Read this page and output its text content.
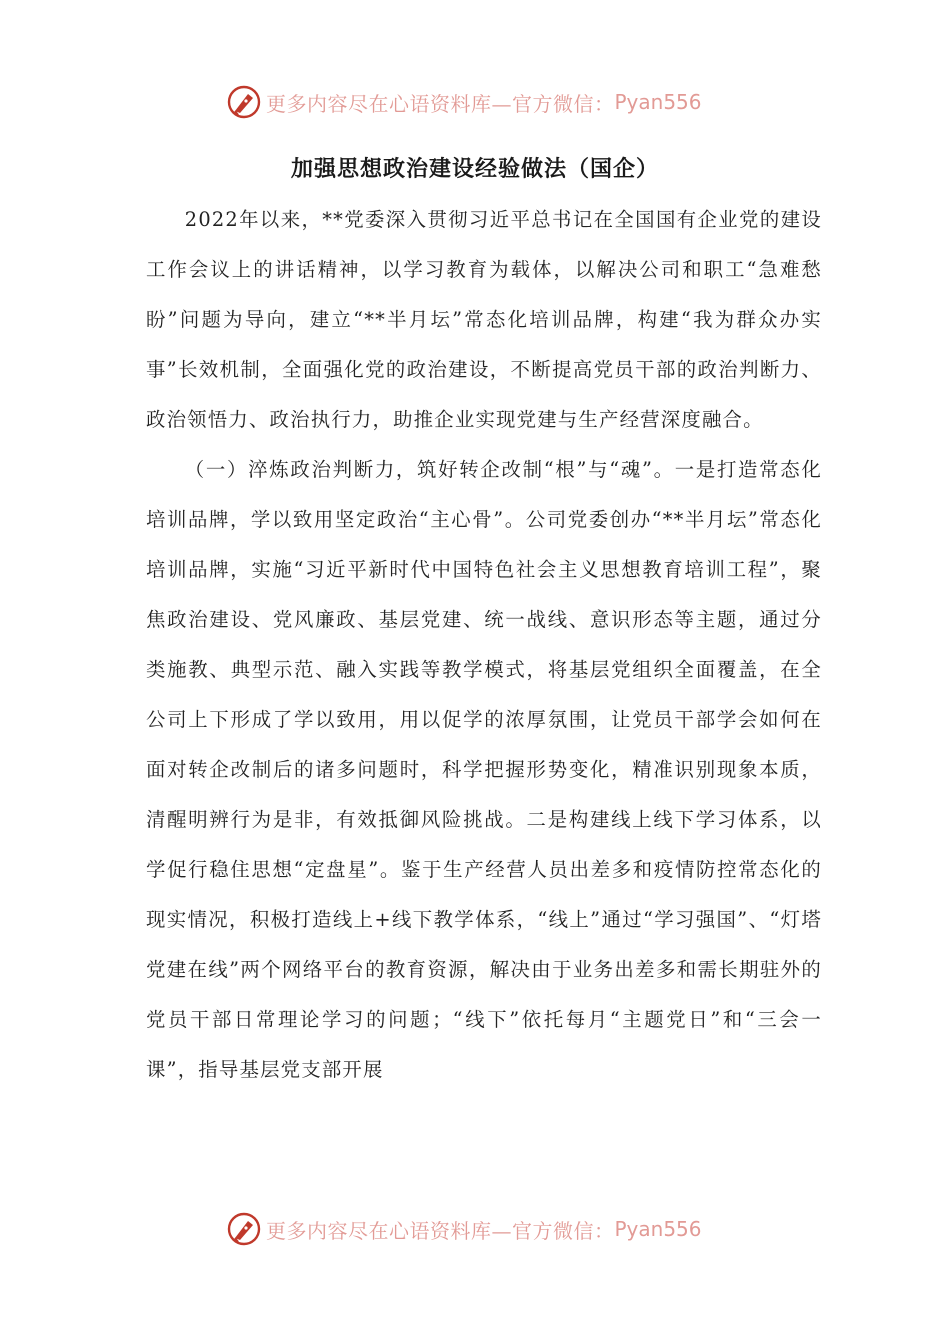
更多内容尽在心语资料库—官方微信： Pyan556
加强思想政治建设经验做法（国企）

2022年以来，**党委深入贯彻习近平总书记在全国国有企业党的建设工作会议上的讲话精神，以学习教育为载体，以解决公司和职工“急难愁盼”问题为导向，建立“**半月坛”常态化培训品牌，构建“我为群众办实事”长效机制，全面强化党的政治建设，不断提高党员干部的政治判断力、政治领悟力、政治执行力，助推企业实现党建与生产经营深度融合。

（一）淬炼政治判断力，筑好转企改制“根”与“魂”。一是打造常态化培训品牌，学以致用坚定政治“主心骨”。公司党委创办“**半月坛”常态化培训品牌，实施“习近平新时代中国特色社会主义思想教育培训工程”，聚焦政治建设、党风廉政、基层党建、统一战线、意识形态等主题，通过分类施教、典型示范、融入实践等教学模式，将基层党组织全面覆盖，在全公司上下形成了学以致用，用以促学的浓厚氛围，让党员干部学会如何在面对转企改制后的诸多问题时，科学把握形势变化，精准识别现象本质，清醒明辨行为是非，有效抵御风险挑战。二是构建线上线下学习体系，以学促行稳住思想“定盘星”。鉴于生产经营人员出差多和疫情防控常态化的现实情况，积极打造线上+线下教学体系，“线上”通过“学习强国”、“灯塔党建在线”两个网络平台的教育资源，解决由于业务出差多和需长期驻外的党员干部日常理论学习的问题；“线下”依托每月“主题党日”和“三会一课”，指导基层党支部开展

更多内容尽在心语资料库—官方微信： Pyan556
